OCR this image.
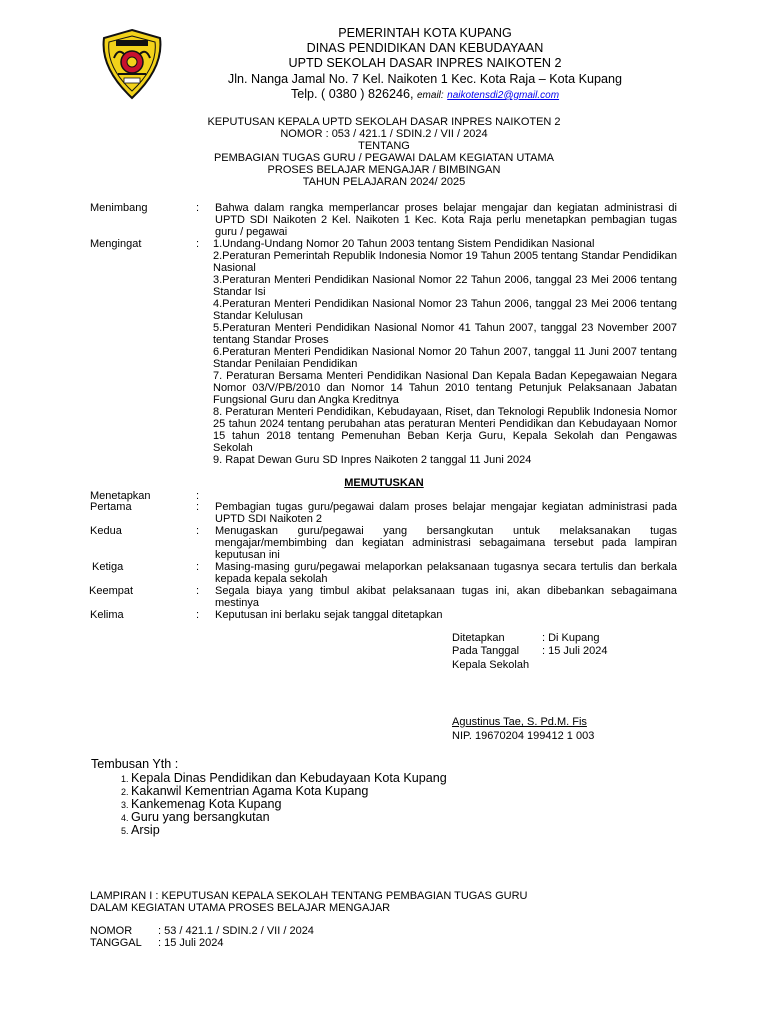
PEMERINTAH KOTA KUPANG
DINAS PENDIDIKAN DAN KEBUDAYAAN
UPTD SEKOLAH DASAR INPRES NAIKOTEN 2
Jln. Nanga Jamal No. 7 Kel. Naikoten 1 Kec. Kota Raja – Kota Kupang
Telp. ( 0380 ) 826246, email: naikotensdi2@gmail.com
KEPUTUSAN KEPALA UPTD SEKOLAH DASAR INPRES NAIKOTEN 2
NOMOR : 053 / 421.1 / SDIN.2 / VII / 2024
TENTANG
PEMBAGIAN TUGAS GURU / PEGAWAI DALAM KEGIATAN UTAMA
PROSES BELAJAR MENGAJAR / BIMBINGAN
TAHUN PELAJARAN 2024/ 2025
Menimbang	:	Bahwa dalam rangka memperlancar proses belajar mengajar dan kegiatan administrasi di UPTD SDI Naikoten 2 Kel. Naikoten 1 Kec. Kota Raja perlu menetapkan pembagian tugas guru / pegawai
Mengingat	:	1.Undang-Undang Nomor 20 Tahun 2003 tentang Sistem Pendidikan Nasional
2.Peraturan Pemerintah Republik Indonesia Nomor 19 Tahun 2005 tentang Standar Pendidikan Nasional
3.Peraturan Menteri Pendidikan Nasional Nomor 22 Tahun 2006, tanggal 23 Mei 2006 tentang Standar Isi
4.Peraturan Menteri Pendidikan Nasional Nomor 23 Tahun 2006, tanggal 23 Mei 2006 tentang Standar Kelulusan
5.Peraturan Menteri Pendidikan Nasional Nomor 41 Tahun 2007, tanggal 23 November 2007 tentang Standar Proses
6.Peraturan Menteri Pendidikan Nasional Nomor 20 Tahun 2007, tanggal 11 Juni 2007 tentang Standar Penilaian Pendidikan
7. Peraturan Bersama Menteri Pendidikan Nasional Dan Kepala Badan Kepegawaian Negara Nomor 03/V/PB/2010 dan Nomor 14 Tahun 2010 tentang Petunjuk Pelaksanaan Jabatan Fungsional Guru dan Angka Kreditnya
8. Peraturan Menteri Pendidikan, Kebudayaan, Riset, dan Teknologi Republik Indonesia Nomor 25 tahun 2024 tentang perubahan atas peraturan Menteri Pendidikan dan Kebudayaan Nomor 15 tahun 2018 tentang Pemenuhan Beban Kerja Guru, Kepala Sekolah dan Pengawas Sekolah
9. Rapat Dewan Guru SD Inpres Naikoten 2 tanggal 11 Juni 2024
MEMUTUSKAN
Menetapkan	:
Pertama	:	Pembagian tugas guru/pegawai dalam proses belajar mengajar kegiatan administrasi pada UPTD SDI Naikoten 2
Kedua	:	Menugaskan guru/pegawai yang bersangkutan untuk melaksanakan tugas mengajar/membimbing dan kegiatan administrasi sebagaimana tersebut pada lampiran keputusan ini
Ketiga	:	Masing-masing guru/pegawai melaporkan pelaksanaan tugasnya secara tertulis dan berkala kepada kepala sekolah
Keempat	:	Segala biaya yang timbul akibat pelaksanaan tugas ini, akan dibebankan sebagaimana mestinya
Kelima	:	Keputusan ini berlaku sejak tanggal ditetapkan
Ditetapkan	: Di Kupang
Pada Tanggal : 15 Juli 2024
Kepala Sekolah
Agustinus Tae, S. Pd.M. Fis
NIP. 19670204 199412 1 003
Tembusan Yth :
1. Kepala Dinas Pendidikan dan Kebudayaan Kota Kupang
2. Kakanwil Kementrian Agama Kota Kupang
3. Kankemenag Kota Kupang
4. Guru yang bersangkutan
5. Arsip
LAMPIRAN I : KEPUTUSAN KEPALA SEKOLAH TENTANG PEMBAGIAN TUGAS GURU
DALAM KEGIATAN UTAMA PROSES BELAJAR MENGAJAR
NOMOR : 53 / 421.1 / SDIN.2 / VII / 2024
TANGGAL : 15 Juli 2024
